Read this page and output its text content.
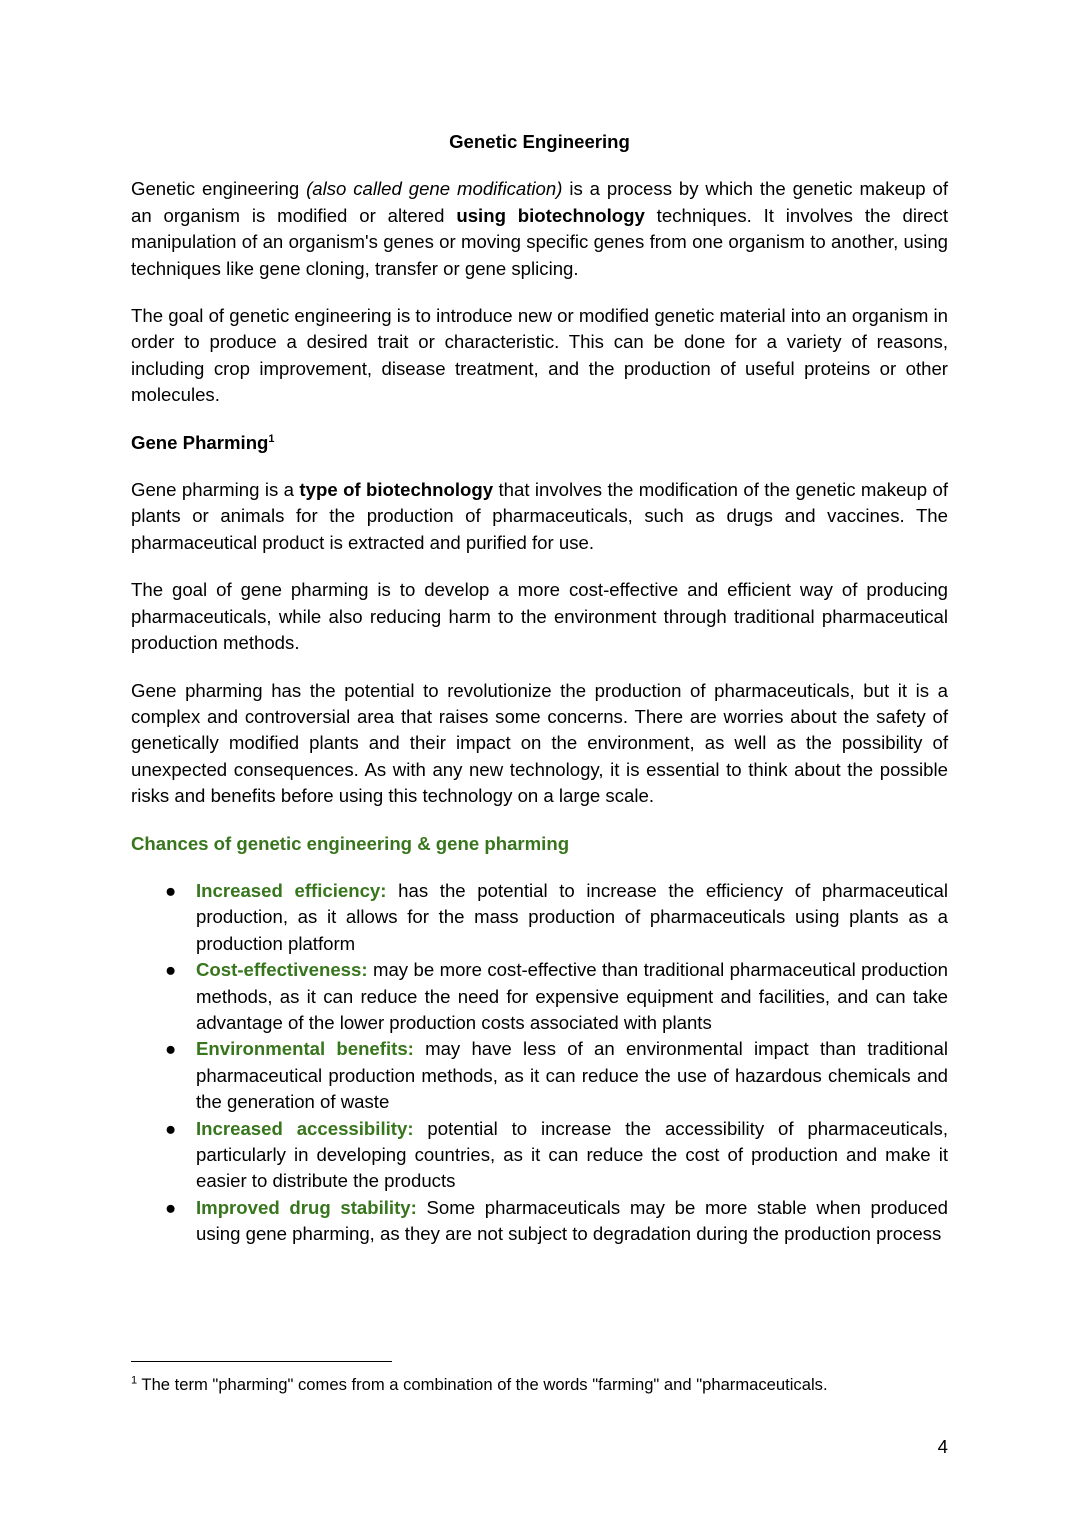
Genetic Engineering

Genetic engineering (also called gene modification) is a process by which the genetic makeup of an organism is modified or altered using biotechnology techniques. It involves the direct manipulation of an organism's genes or moving specific genes from one organism to another, using techniques like gene cloning, transfer or gene splicing.

The goal of genetic engineering is to introduce new or modified genetic material into an organism in order to produce a desired trait or characteristic. This can be done for a variety of reasons, including crop improvement, disease treatment, and the production of useful proteins or other molecules.

Gene Pharming$^1$

Gene pharming is a type of biotechnology that involves the modification of the genetic makeup of plants or animals for the production of pharmaceuticals, such as drugs and vaccines. The pharmaceutical product is extracted and purified for use.

The goal of gene pharming is to develop a more cost-effective and efficient way of producing pharmaceuticals, while also reducing harm to the environment through traditional pharmaceutical production methods.

Gene pharming has the potential to revolutionize the production of pharmaceuticals, but it is a complex and controversial area that raises some concerns. There are worries about the safety of genetically modified plants and their impact on the environment, as well as the possibility of unexpected consequences. As with any new technology, it is essential to think about the possible risks and benefits before using this technology on a large scale.

Chances of genetic engineering & gene pharming
● Increased efficiency: has the potential to increase the efficiency of pharmaceutical production, as it allows for the mass production of pharmaceuticals using plants as a production platform
● Cost-effectiveness: may be more cost-effective than traditional pharmaceutical production methods, as it can reduce the need for expensive equipment and facilities, and can take advantage of the lower production costs associated with plants
● Environmental benefits: may have less of an environmental impact than traditional pharmaceutical production methods, as it can reduce the use of hazardous chemicals and the generation of waste
● Increased accessibility: potential to increase the accessibility of pharmaceuticals, particularly in developing countries, as it can reduce the cost of production and make it easier to distribute the products
● Improved drug stability: Some pharmaceuticals may be more stable when produced using gene pharming, as they are not subject to degradation during the production process
$^1$ The term "pharming" comes from a combination of the words "farming" and "pharmaceuticals.
4
